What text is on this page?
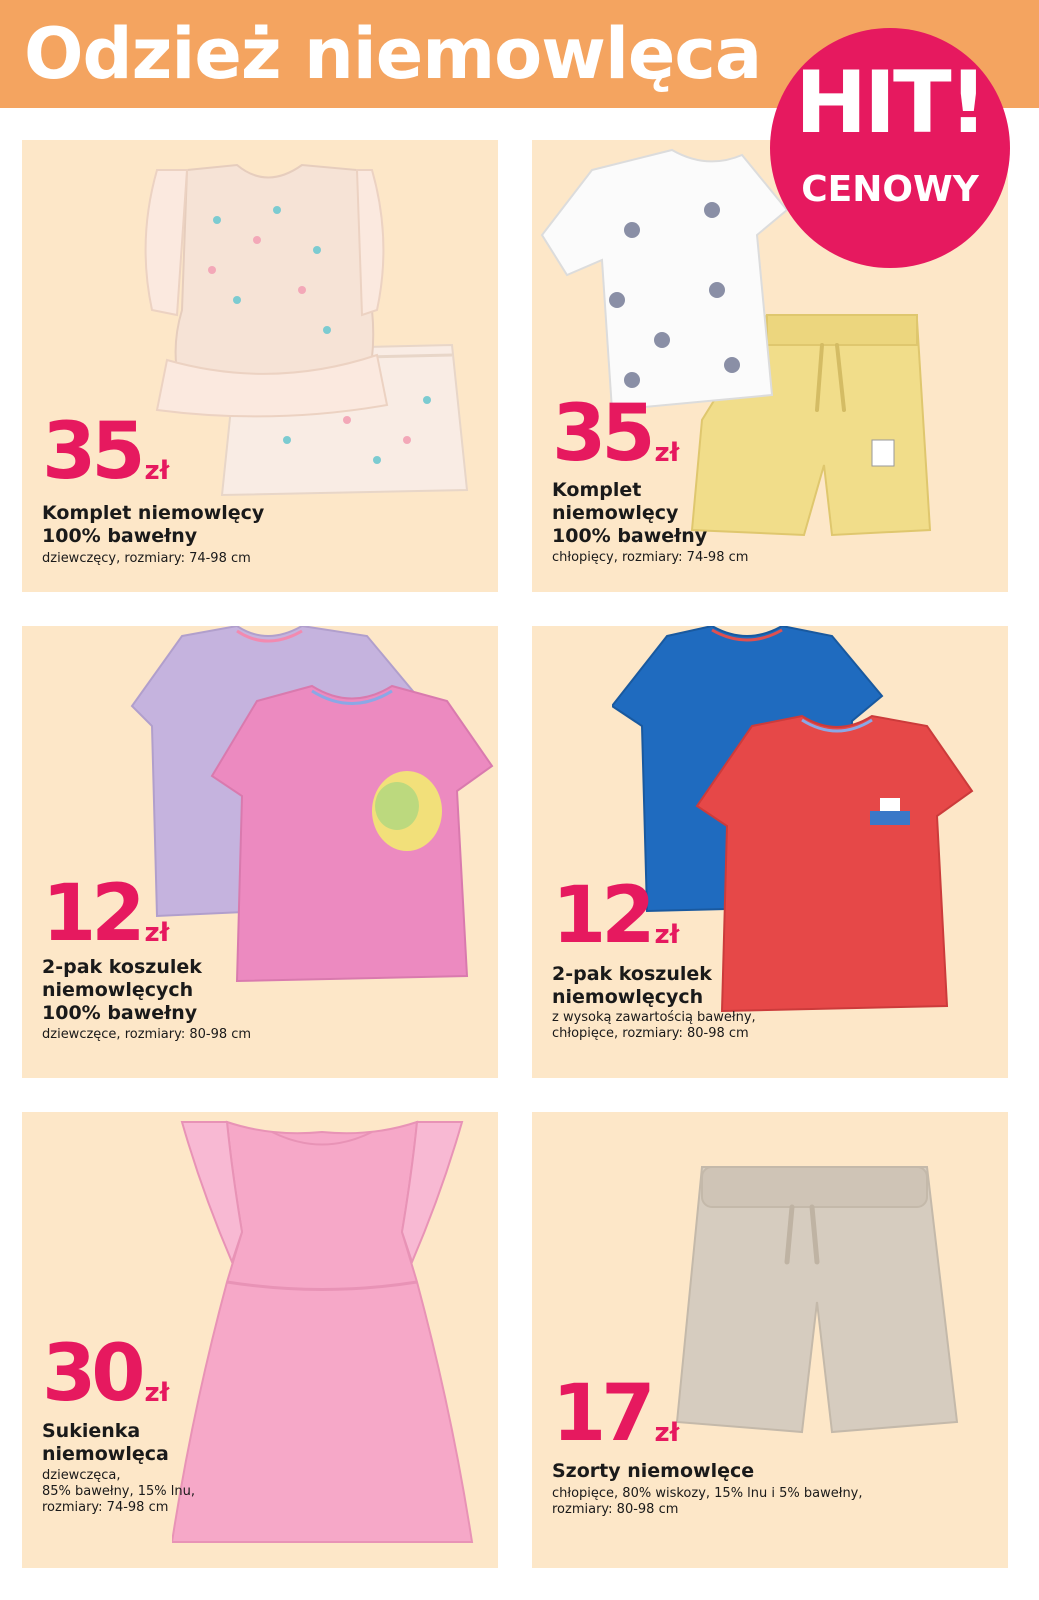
Odzież niemowlęca HIT!
CENOWY
35 zł
Komplet niemowlęcy
100% bawełny
dziewczęcy, rozmiary: 74-98 cm
35 zł
Komplet
niemowlęcy
100% bawełny
chłopięcy, rozmiary: 74-98 cm
12 zł
2-pak koszulek
niemowlęcych
100% bawełny
dziewczęce, rozmiary: 80-98 cm
12 zł
2-pak koszulek
niemowlęcych
z wysoką zawartością bawełny,
chłopięce, rozmiary: 80-98 cm
30 zł
Sukienka
niemowlęca
dziewczęca,
85% bawełny, 15% lnu,
rozmiary: 74-98 cm
17 zł
Szorty niemowlęce
chłopięce, 80% wiskozy, 15% lnu i 5% bawełny,
rozmiary: 80-98 cm
